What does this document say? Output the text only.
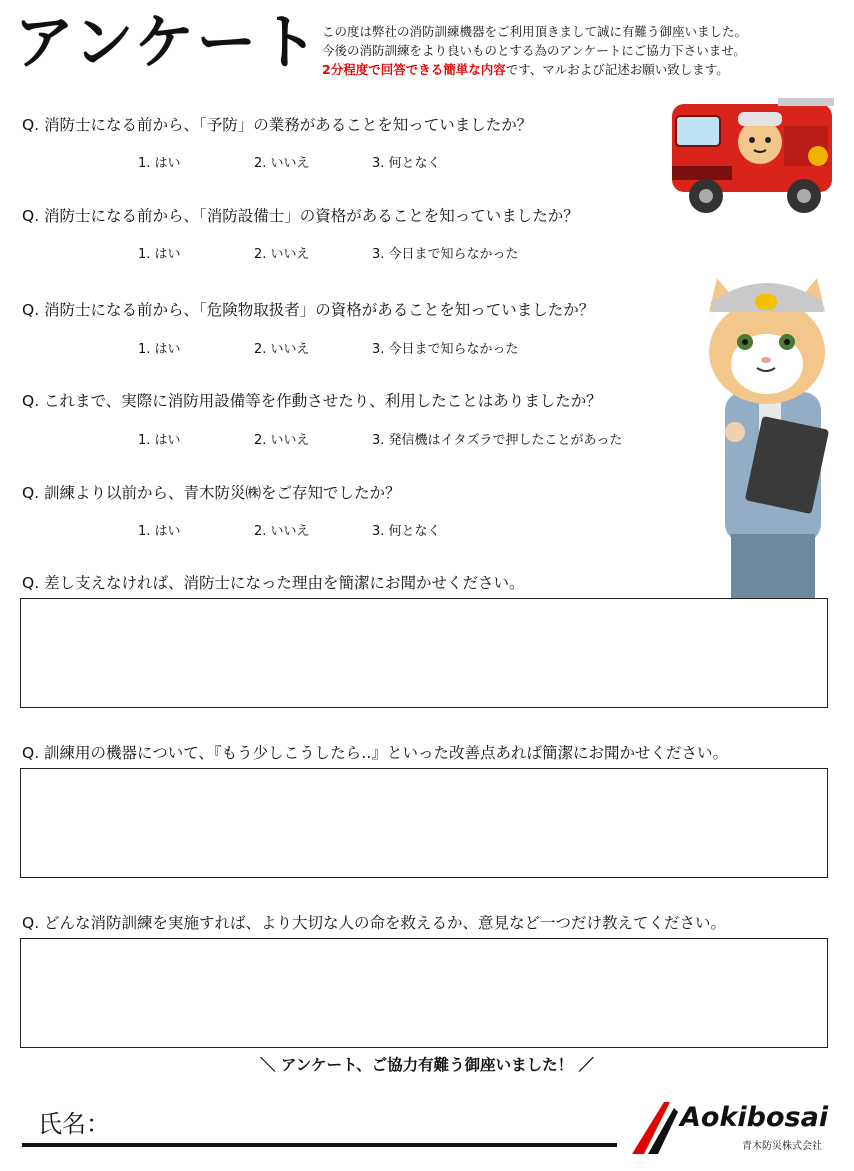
アンケート この度は弊社の消防訓練機器をご利用頂きまして誠に有難う御座いました。
今後の消防訓練をより良いものとする為のアンケートにご協力下さいませ。
2分程度で回答できる簡単な内容です、マルおよび記述お願い致します。
Q. 消防士になる前から、「予防」の業務があることを知っていましたか？
1. はい	2. いいえ	3. 何となく
Q. 消防士になる前から、「消防設備士」の資格があることを知っていましたか？
1. はい	2. いいえ	3. 今日まで知らなかった
Q. 消防士になる前から、「危険物取扱者」の資格があることを知っていましたか？
1. はい	2. いいえ	3. 今日まで知らなかった
Q. これまで、実際に消防用設備等を作動させたり、利用したことはありましたか？
1. はい	2. いいえ	3. 発信機はイタズラで押したことがあった
Q. 訓練より以前から、青木防災㈱をご存知でしたか？
1. はい	2. いいえ	3. 何となく
Q. 差し支えなければ、消防士になった理由を簡潔にお聞かせください。
Q. 訓練用の機器について、『もう少しこうしたら‥』といった改善点あれば簡潔にお聞かせください。
Q. どんな消防訓練を実施すれば、より大切な人の命を救えるか、意見など一つだけ教えてください。
＼ アンケート、ご協力有難う御座いました！ ／
氏名：	Aokibosai
青木防災株式会社
